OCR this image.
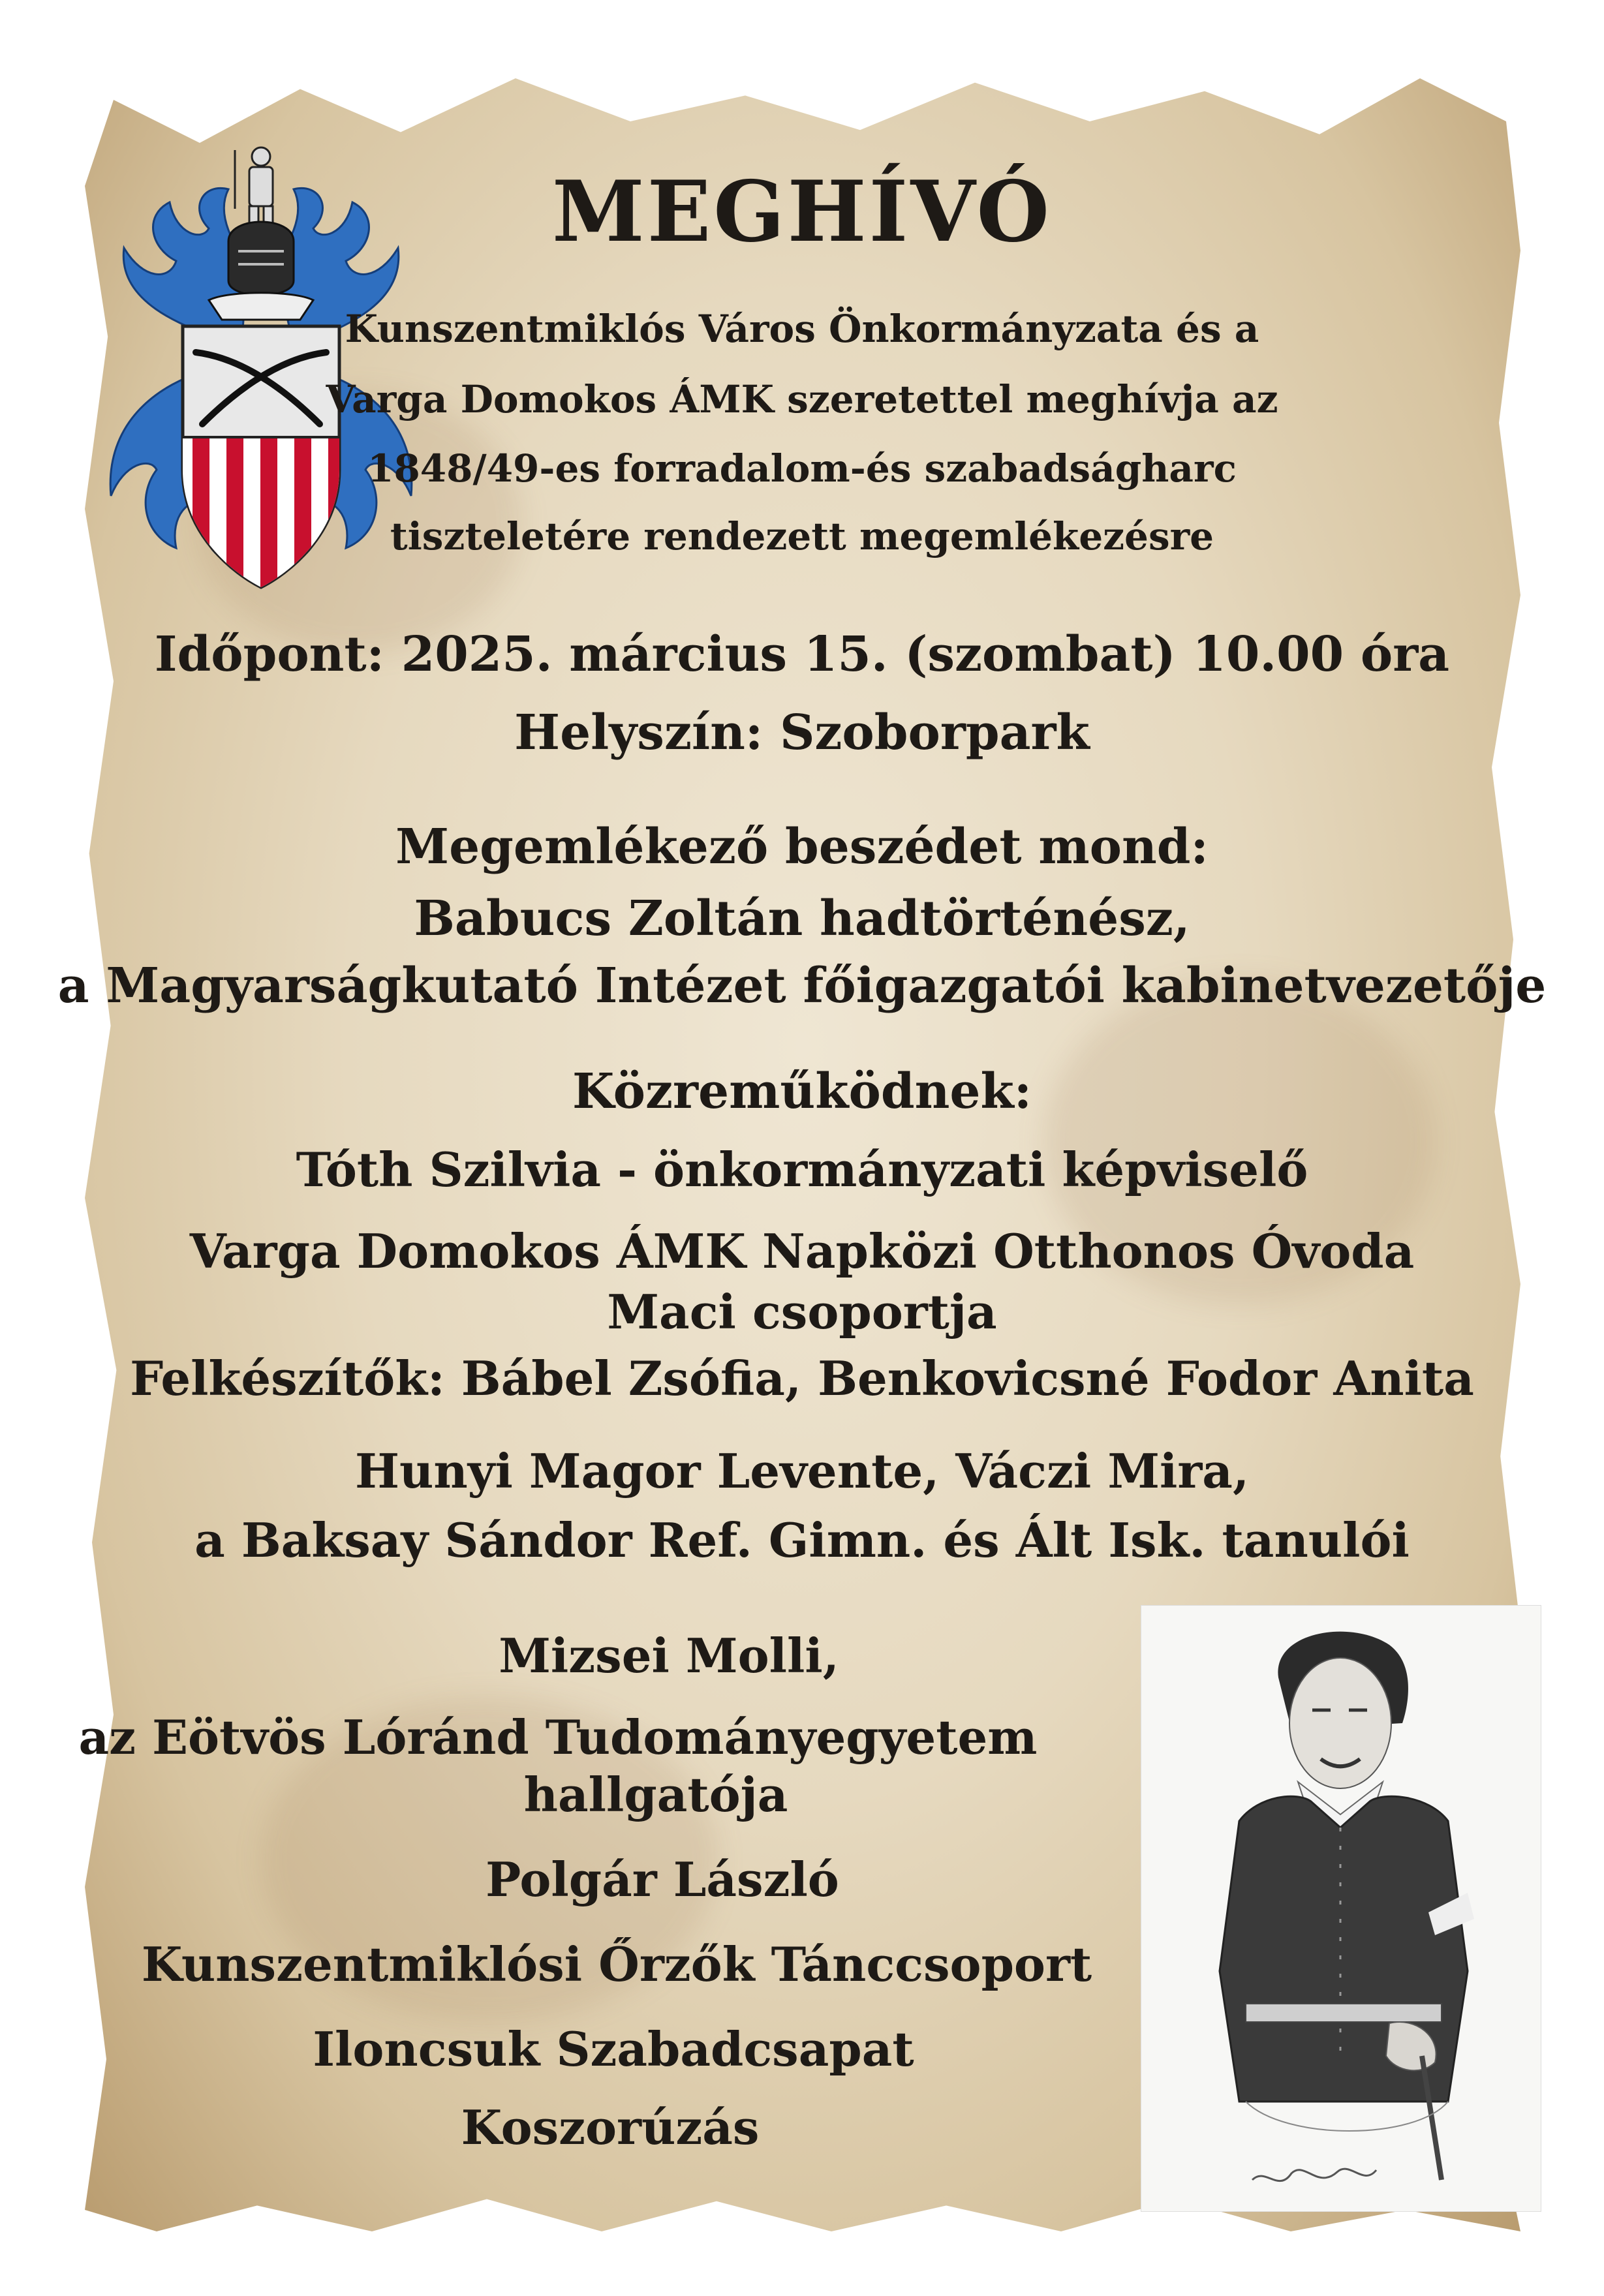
MEGHÍVÓ

Kunszentmiklós Város Önkormányzata és a

Varga Domokos ÁMK szeretettel meghívja az

1848/49-es forradalom-és szabadságharc

tiszteletére rendezett megemlékezésre

Időpont: 2025. március 15. (szombat) 10.00 óra

Helyszín: Szoborpark

Megemlékező beszédet mond:

Babucs Zoltán hadtörténész,

a Magyarságkutató Intézet főigazgatói kabinetvezetője

Közreműködnek:

Tóth Szilvia - önkormányzati képviselő

Varga Domokos ÁMK Napközi Otthonos Óvoda

Maci csoportja

Felkészítők: Bábel Zsófia, Benkovicsné Fodor Anita

Hunyi Magor Levente, Váczi Mira,

a Baksay Sándor Ref. Gimn. és Ált Isk. tanulói

Mizsei Molli,

az Eötvös Lóránd Tudományegyetem

hallgatója

Polgár László

Kunszentmiklósi Őrzők Tánccsoport

Iloncsuk Szabadcsapat

Koszorúzás
